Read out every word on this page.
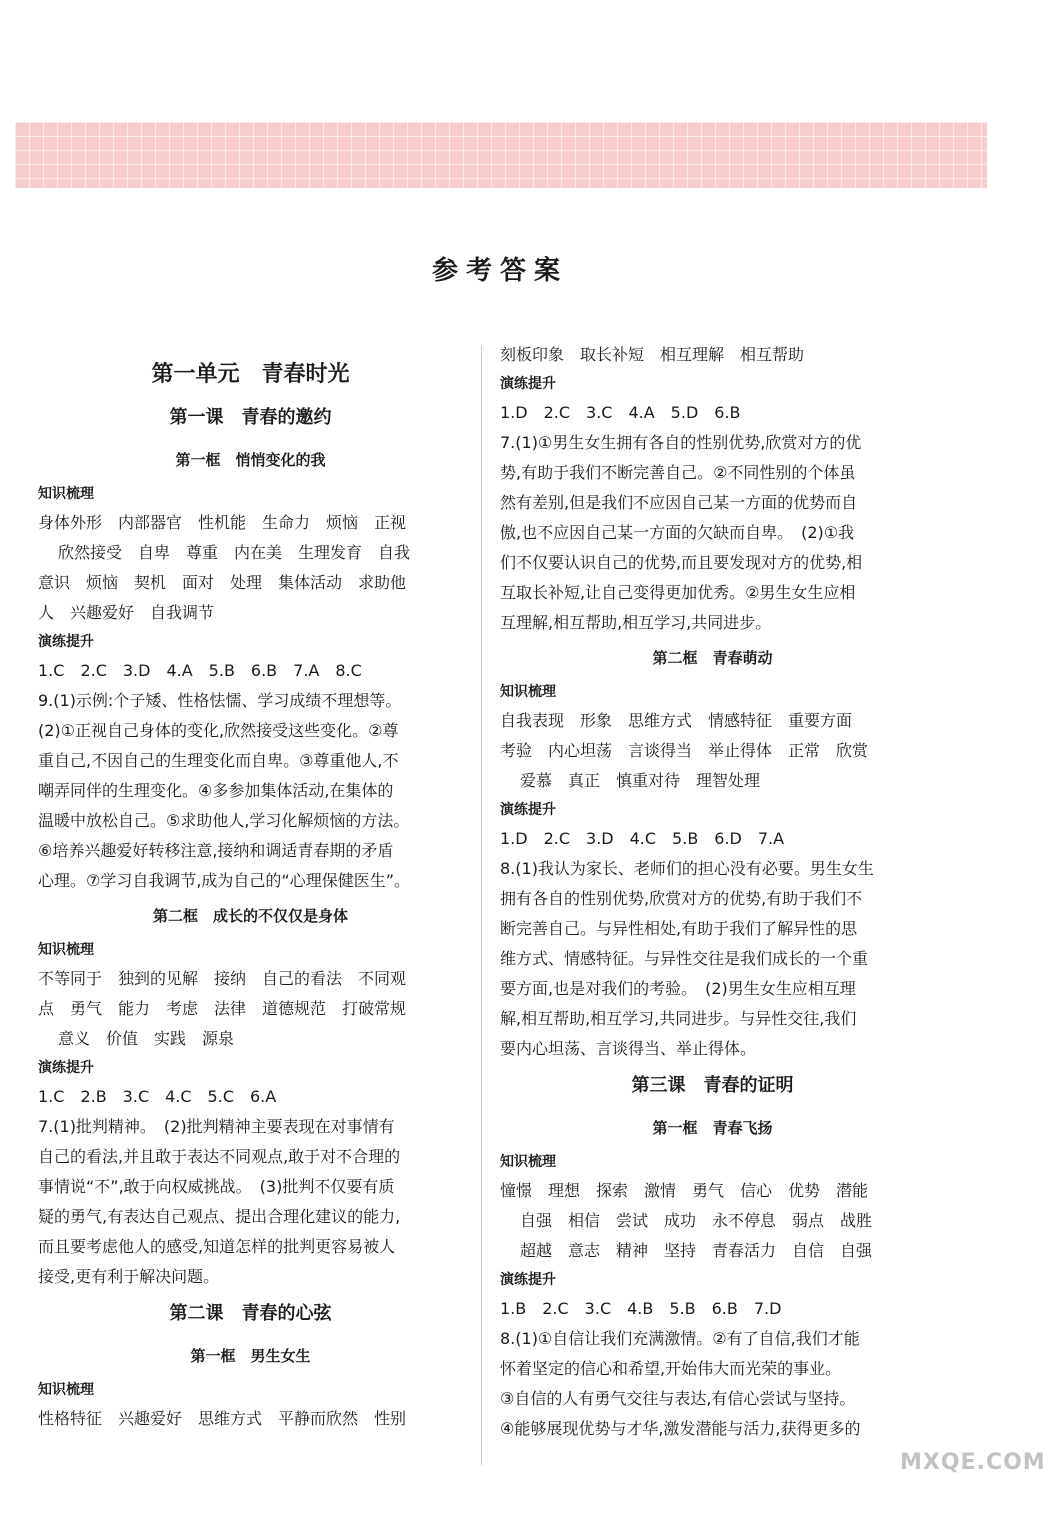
参考答案
第一单元　青春时光
第一课　青春的邀约
第一框　悄悄变化的我
知识梳理
身体外形　内部器官　性机能　生命力　烦恼　正视
欣然接受　自卑　尊重　内在美　生理发育　自我
意识　烦恼　契机　面对　处理　集体活动　求助他
人　兴趣爱好　自我调节
演练提升
1.C　2.C　3.D　4.A　5.B　6.B　7.A　8.C
9.(1)示例:个子矮、性格怯懦、学习成绩不理想等。
(2)①正视自己身体的变化,欣然接受这些变化。②尊
重自己,不因自己的生理变化而自卑。③尊重他人,不
嘲弄同伴的生理变化。④多参加集体活动,在集体的
温暖中放松自己。⑤求助他人,学习化解烦恼的方法。
⑥培养兴趣爱好转移注意,接纳和调适青春期的矛盾
心理。⑦学习自我调节,成为自己的“心理保健医生”。
第二框　成长的不仅仅是身体
知识梳理
不等同于　独到的见解　接纳　自己的看法　不同观
点　勇气　能力　考虑　法律　道德规范　打破常规
意义　价值　实践　源泉
演练提升
1.C　2.B　3.C　4.C　5.C　6.A
7.(1)批判精神。　(2)批判精神主要表现在对事情有
自己的看法,并且敢于表达不同观点,敢于对不合理的
事情说“不”,敢于向权威挑战。　(3)批判不仅要有质
疑的勇气,有表达自己观点、提出合理化建议的能力,
而且要考虑他人的感受,知道怎样的批判更容易被人
接受,更有利于解决问题。
第二课　青春的心弦
第一框　男生女生
知识梳理
性格特征　兴趣爱好　思维方式　平静而欣然　性别
刻板印象　取长补短　相互理解　相互帮助
演练提升
1.D　2.C　3.C　4.A　5.D　6.B
7.(1)①男生女生拥有各自的性别优势,欣赏对方的优
势,有助于我们不断完善自己。②不同性别的个体虽
然有差别,但是我们不应因自己某一方面的优势而自
傲,也不应因自己某一方面的欠缺而自卑。　(2)①我
们不仅要认识自己的优势,而且要发现对方的优势,相
互取长补短,让自己变得更加优秀。②男生女生应相
互理解,相互帮助,相互学习,共同进步。
第二框　青春萌动
知识梳理
自我表现　形象　思维方式　情感特征　重要方面
考验　内心坦荡　言谈得当　举止得体　正常　欣赏
爱慕　真正　慎重对待　理智处理
演练提升
1.D　2.C　3.D　4.C　5.B　6.D　7.A
8.(1)我认为家长、老师们的担心没有必要。男生女生
拥有各自的性别优势,欣赏对方的优势,有助于我们不
断完善自己。与异性相处,有助于我们了解异性的思
维方式、情感特征。与异性交往是我们成长的一个重
要方面,也是对我们的考验。　(2)男生女生应相互理
解,相互帮助,相互学习,共同进步。与异性交往,我们
要内心坦荡、言谈得当、举止得体。
第三课　青春的证明
第一框　青春飞扬
知识梳理
憧憬　理想　探索　激情　勇气　信心　优势　潜能
自强　相信　尝试　成功　永不停息　弱点　战胜
超越　意志　精神　坚持　青春活力　自信　自强
演练提升
1.B　2.C　3.C　4.B　5.B　6.B　7.D
8.(1)①自信让我们充满激情。②有了自信,我们才能
怀着坚定的信心和希望,开始伟大而光荣的事业。
③自信的人有勇气交往与表达,有信心尝试与坚持。
④能够展现优势与才华,激发潜能与活力,获得更多的
MXQE.COM
